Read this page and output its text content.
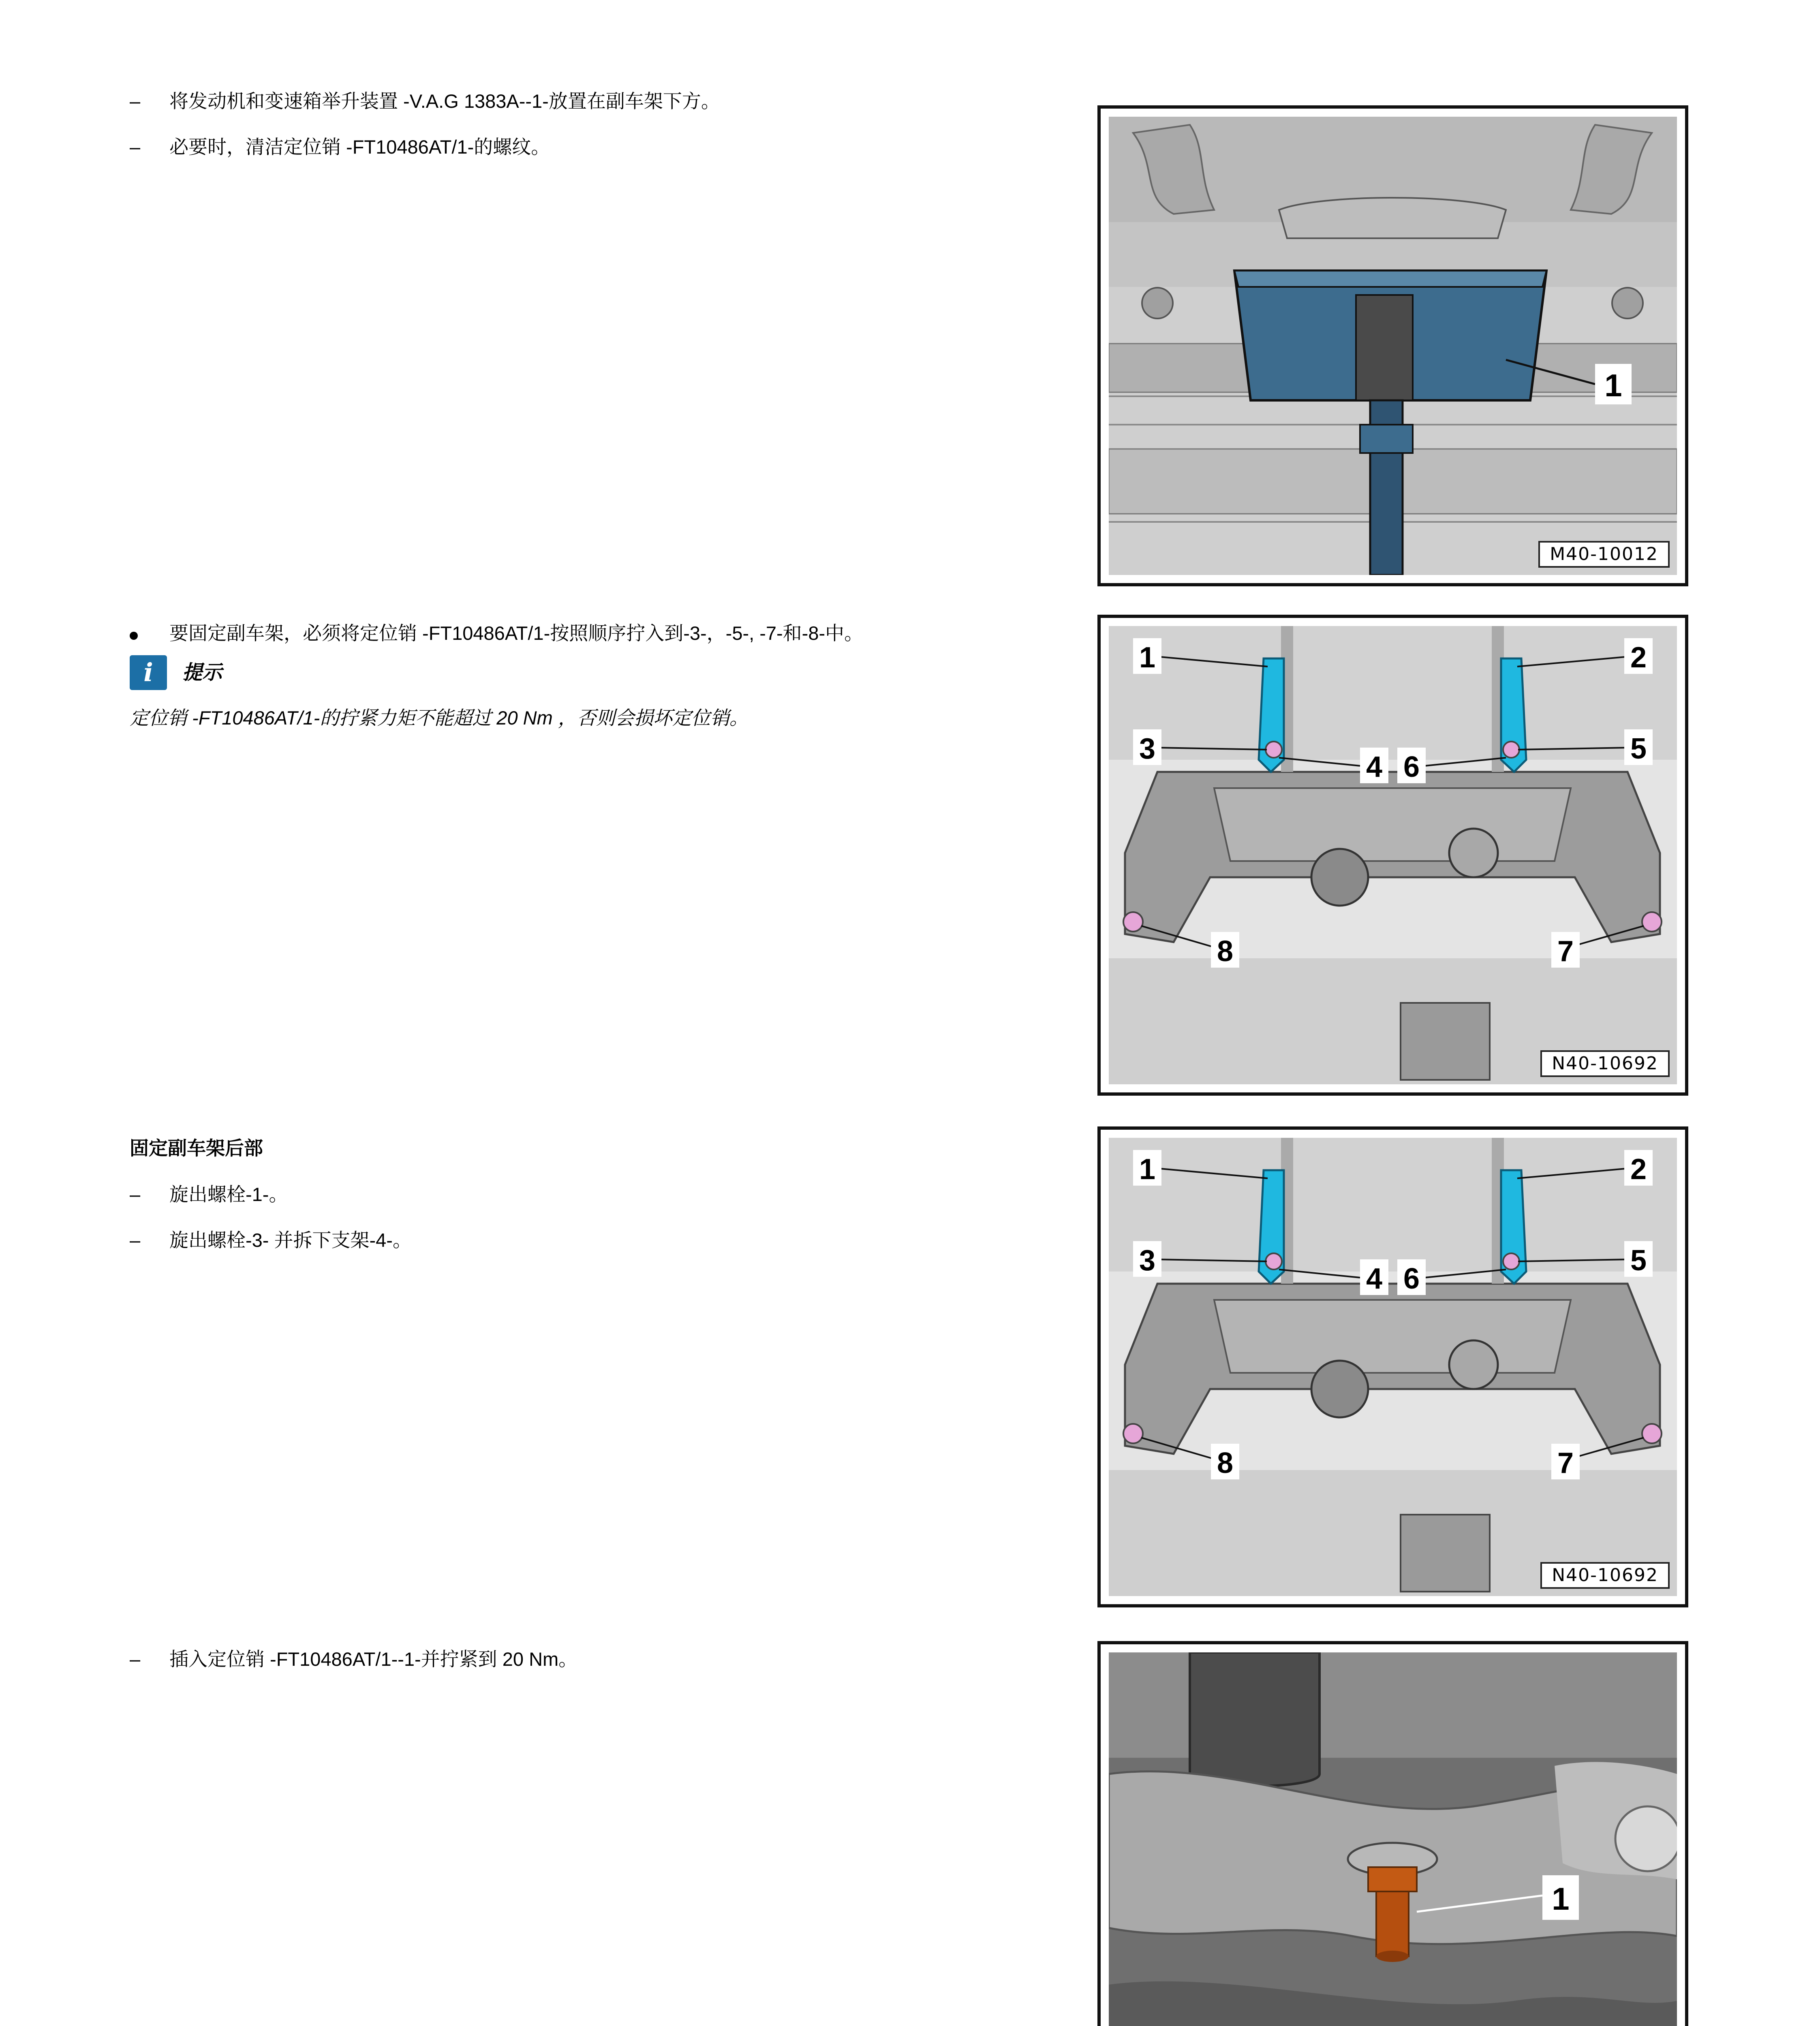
–	将发动机和变速箱举升装置 -V.A.G 1383A--1-放置在副车架下方。
–	必要时，清洁定位销 -FT10486AT/1-的螺纹。
要固定副车架，必须将定位销 -FT10486AT/1-按照顺序拧入到-3-，-5-, -7-和-8-中。
i	提示
定位销 -FT10486AT/1-的拧紧力矩不能超过 20 Nm ，否则会损坏定位销。
固定副车架后部
–	旋出螺栓-1-。
–	旋出螺栓-3- 并拆下支架-4-。
–	插入定位销 -FT10486AT/1--1-并拧紧到 20 Nm。
1
M40-10012
1	2
3
4
5
6
7
8
N40-10692
1	2
3
4
5
6
7
8
N40-10692
1
